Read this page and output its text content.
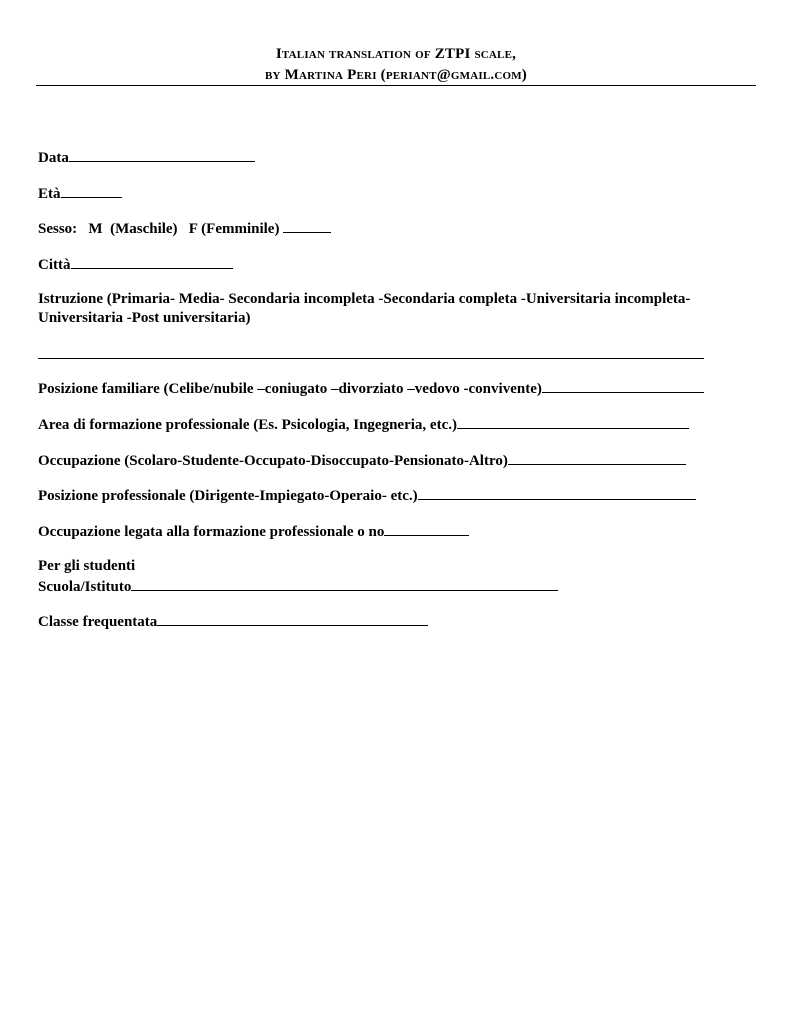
Italian translation of ZTPI scale,
by Martina Peri (periant@gmail.com)
Data
Età
Sesso:   M  (Maschile)   F (Femminile)
Città
Istruzione (Primaria- Media- Secondaria incompleta -Secondaria completa -Universitaria incompleta- Universitaria -Post universitaria)
Posizione familiare (Celibe/nubile –coniugato –divorziato –vedovo -convivente)
Area di formazione professionale (Es. Psicologia, Ingegneria, etc.)
Occupazione (Scolaro-Studente-Occupato-Disoccupato-Pensionato-Altro)
Posizione professionale (Dirigente-Impiegato-Operaio- etc.)
Occupazione legata alla formazione professionale o no
Per gli studenti
Scuola/Istituto
Classe frequentata
